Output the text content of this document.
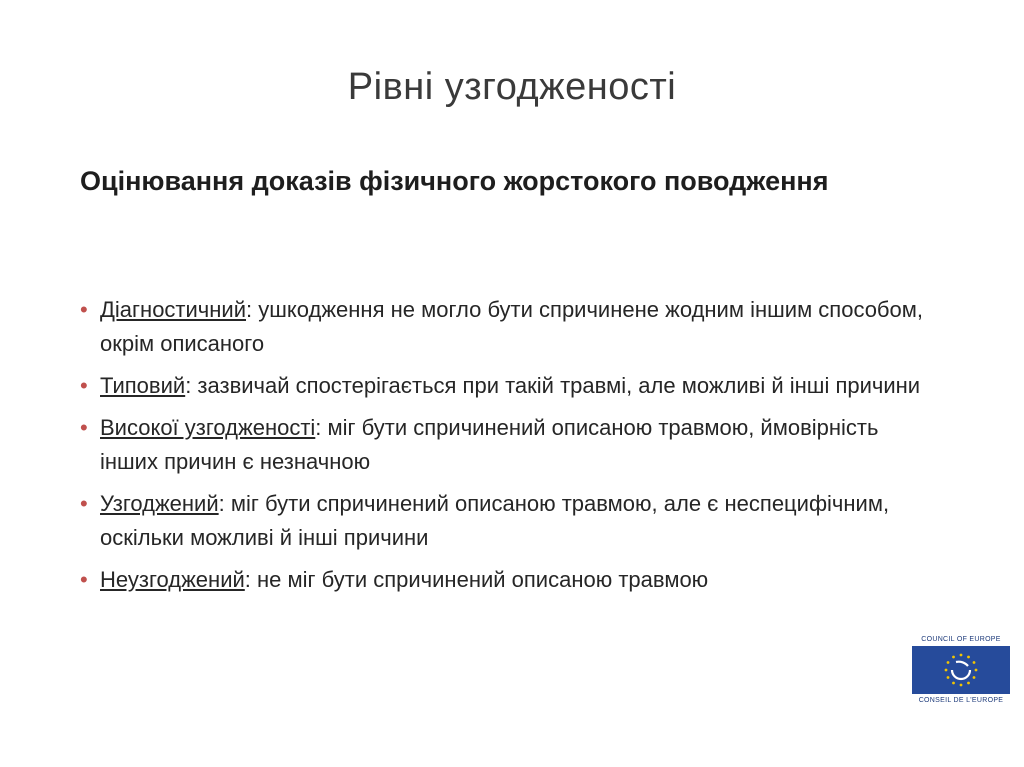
Рівні узгодженості
Оцінювання доказів фізичного жорстокого поводження
• Діагностичний: ушкодження не могло бути спричинене жодним іншим способом, окрім описаного
• Типовий: зазвичай спостерігається при такій травмі, але можливі й інші причини
• Високої узгодженості: міг бути спричинений описаною травмою, ймовірність інших причин є незначною
• Узгоджений: міг бути спричинений описаною травмою, але є неспецифічним, оскільки можливі й інші причини
• Неузгоджений: не міг бути спричинений описаною травмою
COUNCIL OF EUROPE
CONSEIL DE L'EUROPE
